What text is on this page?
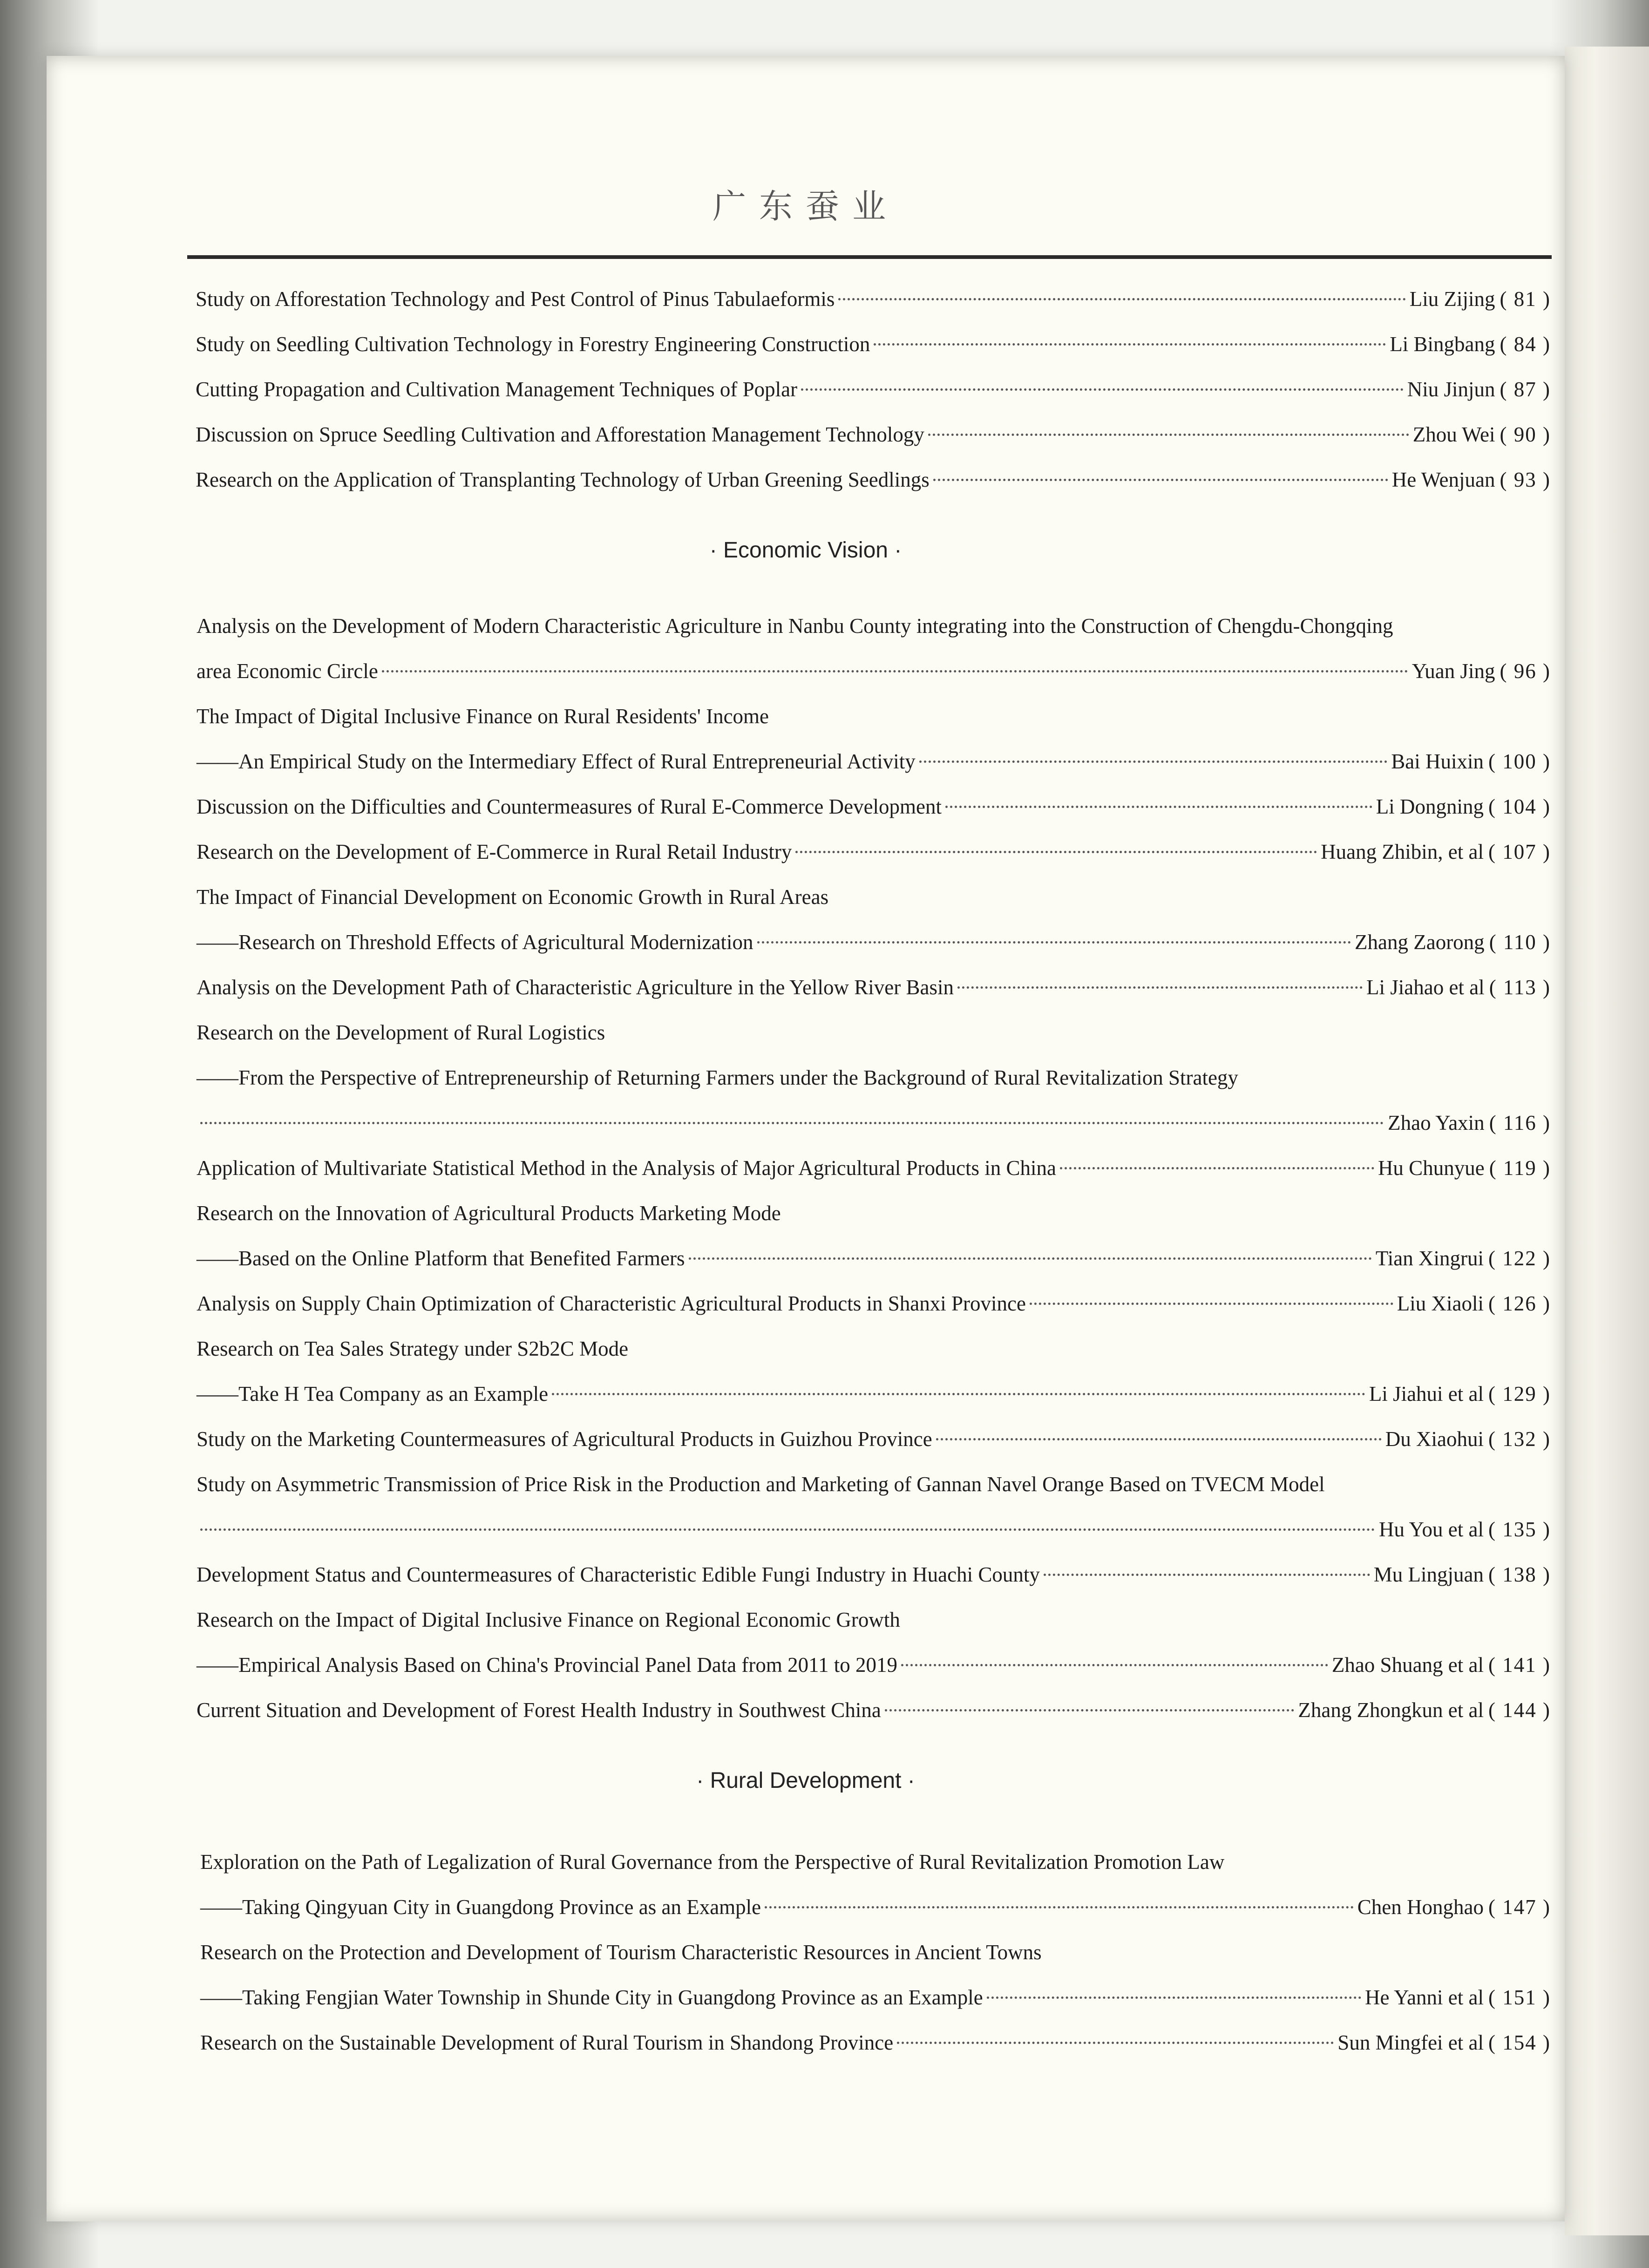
广东蚕业
Study on Afforestation Technology and Pest Control of Pinus Tabulaeformis	Liu Zijing ( 81 )
Study on Seedling Cultivation Technology in Forestry Engineering Construction	Li Bingbang ( 84 )
Cutting Propagation and Cultivation Management Techniques of Poplar	Niu Jinjun ( 87 )
Discussion on Spruce Seedling Cultivation and Afforestation Management Technology	Zhou Wei ( 90 )
Research on the Application of Transplanting Technology of Urban Greening Seedlings	He Wenjuan ( 93 )
· Economic Vision ·
Analysis on the Development of Modern Characteristic Agriculture in Nanbu County integrating into the Construction of Chengdu-Chongqing
area Economic Circle	Yuan Jing ( 96 )
The Impact of Digital Inclusive Finance on Rural Residents' Income
——An Empirical Study on the Intermediary Effect of Rural Entrepreneurial Activity	Bai Huixin ( 100 )
Discussion on the Difficulties and Countermeasures of Rural E-Commerce Development	Li Dongning ( 104 )
Research on the Development of E-Commerce in Rural Retail Industry	Huang Zhibin, et al ( 107 )
The Impact of Financial Development on Economic Growth in Rural Areas
——Research on Threshold Effects of Agricultural Modernization	Zhang Zaorong ( 110 )
Analysis on the Development Path of Characteristic Agriculture in the Yellow River Basin	Li Jiahao et al ( 113 )
Research on the Development of Rural Logistics
——From the Perspective of Entrepreneurship of Returning Farmers under the Background of Rural Revitalization Strategy
Zhao Yaxin ( 116 )
Application of Multivariate Statistical Method in the Analysis of Major Agricultural Products in China	Hu Chunyue ( 119 )
Research on the Innovation of Agricultural Products Marketing Mode
——Based on the Online Platform that Benefited Farmers	Tian Xingrui ( 122 )
Analysis on Supply Chain Optimization of Characteristic Agricultural Products in Shanxi Province	Liu Xiaoli ( 126 )
Research on Tea Sales Strategy under S2b2C Mode
——Take H Tea Company as an Example	Li Jiahui et al ( 129 )
Study on the Marketing Countermeasures of Agricultural Products in Guizhou Province	Du Xiaohui ( 132 )
Study on Asymmetric Transmission of Price Risk in the Production and Marketing of Gannan Navel Orange Based on TVECM Model
Hu You et al ( 135 )
Development Status and Countermeasures of Characteristic Edible Fungi Industry in Huachi County	Mu Lingjuan ( 138 )
Research on the Impact of Digital Inclusive Finance on Regional Economic Growth
——Empirical Analysis Based on China's Provincial Panel Data from 2011 to 2019	Zhao Shuang et al ( 141 )
Current Situation and Development of Forest Health Industry in Southwest China	Zhang Zhongkun et al ( 144 )
· Rural Development ·
Exploration on the Path of Legalization of Rural Governance from the Perspective of Rural Revitalization Promotion Law
——Taking Qingyuan City in Guangdong Province as an Example	Chen Honghao ( 147 )
Research on the Protection and Development of Tourism Characteristic Resources in Ancient Towns
——Taking Fengjian Water Township in Shunde City in Guangdong Province as an Example	He Yanni et al ( 151 )
Research on the Sustainable Development of Rural Tourism in Shandong Province	Sun Mingfei et al ( 154 )
